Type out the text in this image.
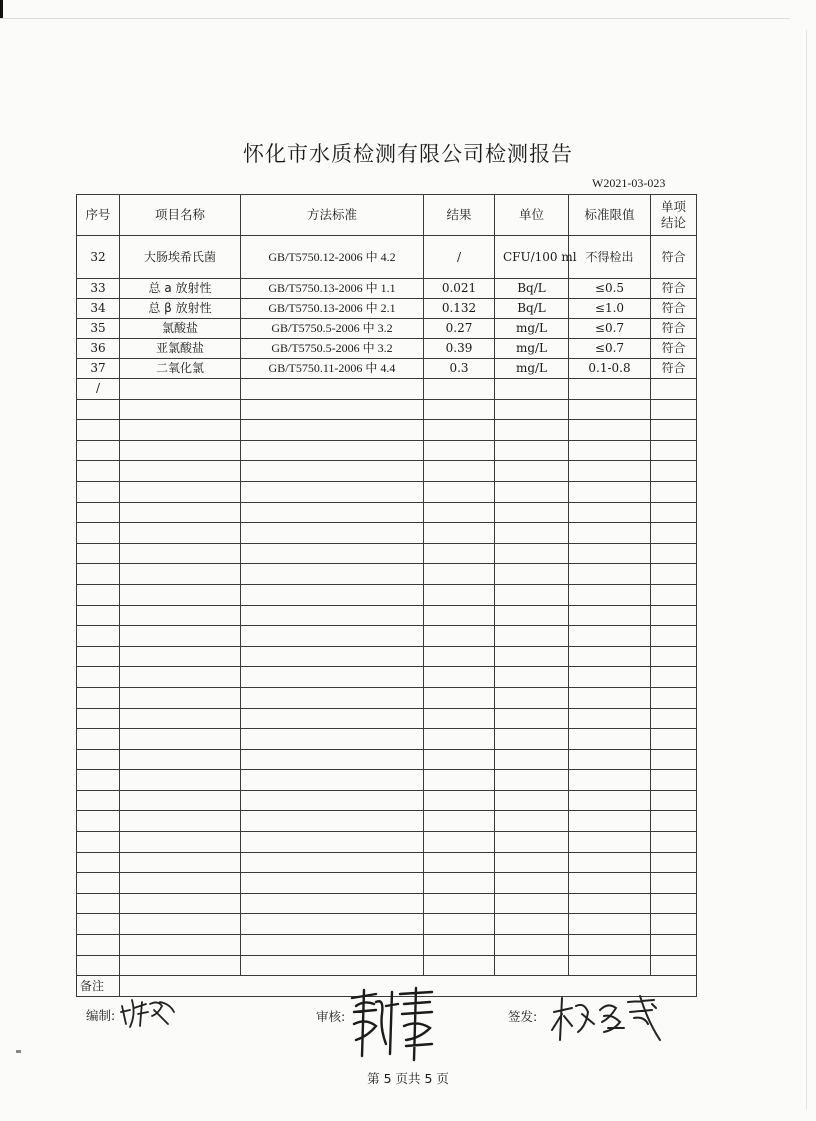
怀化市水质检测有限公司检测报告
W2021-03-023
序号	项目名称	方法标准	结果	单位	标准限值	单项结论
32	大肠埃希氏菌	GB/T5750.12-2006 中 4.2	/	CFU/100 ml	不得检出	符合
33	总 a 放射性	GB/T5750.13-2006 中 1.1	0.021	Bq/L	≤0.5	符合
34	总 β 放射性	GB/T5750.13-2006 中 2.1	0.132	Bq/L	≤1.0	符合
35	氯酸盐	GB/T5750.5-2006 中 3.2	0.27	mg/L	≤0.7	符合
36	亚氯酸盐	GB/T5750.5-2006 中 3.2	0.39	mg/L	≤0.7	符合
37	二氧化氯	GB/T5750.11-2006 中 4.4	0.3	mg/L	0.1-0.8	符合
/						

备注						
编制:	审核:	签发:
第 5 页共 5 页
